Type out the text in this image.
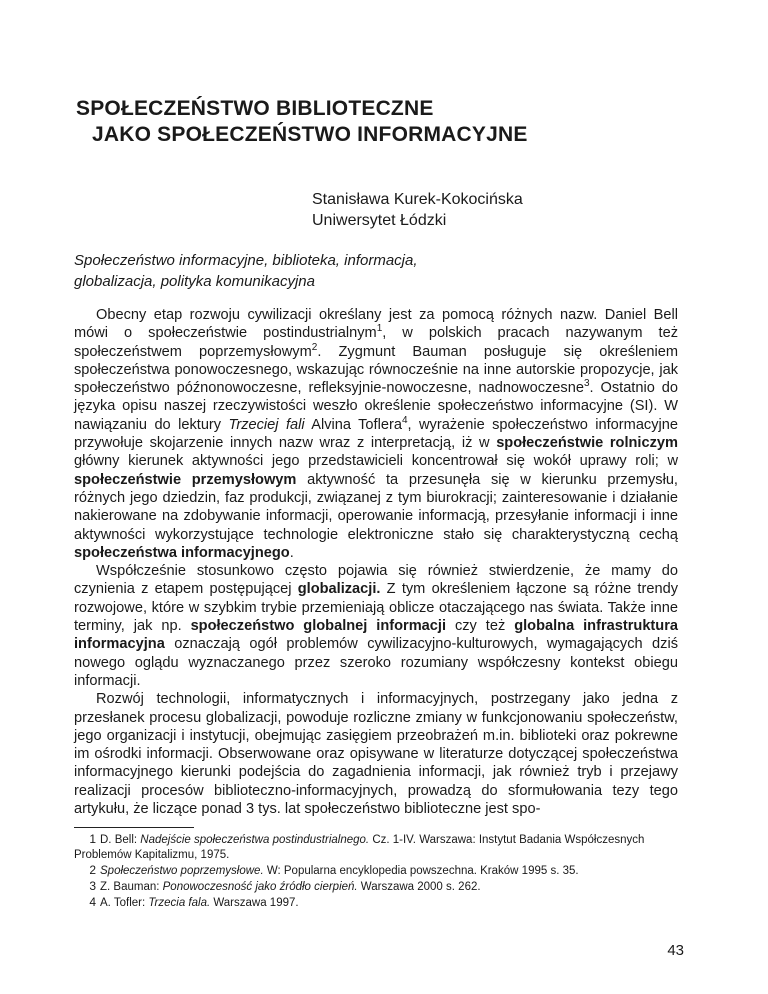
SPOŁECZEŃSTWO BIBLIOTECZNE
JAKO SPOŁECZEŃSTWO INFORMACYJNE
Stanisława Kurek-Kokocińska
Uniwersytet Łódzki
Społeczeństwo informacyjne, biblioteka, informacja, globalizacja, polityka komunikacyjna

Obecny etap rozwoju cywilizacji określany jest za pomocą różnych nazw. Daniel Bell mówi o społeczeństwie postindustrialnym$^1$, w polskich pracach nazywanym też społeczeństwem poprzemysłowym$^2$. Zygmunt Bauman posługuje się określeniem społeczeństwa ponowoczesnego, wskazując równocześnie na inne autorskie propozycje, jak społeczeństwo późnonowoczesne, refleksyjnie-nowoczesne, nadnowoczesne$^3$. Ostatnio do języka opisu naszej rzeczywistości weszło określenie społeczeństwo informacyjne (SI). W nawiązaniu do lektury Trzeciej fali Alvina Toflera$^4$, wyrażenie społeczeństwo informacyjne przywołuje skojarzenie innych nazw wraz z interpretacją, iż w społeczeństwie rolniczym główny kierunek aktywności jego przedstawicieli koncentrował się wokół uprawy roli; w społeczeństwie przemysłowym aktywność ta przesunęła się w kierunku przemysłu, różnych jego dziedzin, faz produkcji, związanej z tym biurokracji; zainteresowanie i działanie nakierowane na zdobywanie informacji, operowanie informacją, przesyłanie informacji i inne aktywności wykorzystujące technologie elektroniczne stało się charakterystyczną cechą społeczeństwa informacyjnego.

Współcześnie stosunkowo często pojawia się również stwierdzenie, że mamy do czynienia z etapem postępującej globalizacji. Z tym określeniem łączone są różne trendy rozwojowe, które w szybkim trybie przemieniają oblicze otaczającego nas świata. Także inne terminy, jak np. społeczeństwo globalnej informacji czy też globalna infrastruktura informacyjna oznaczają ogół problemów cywilizacyjno-kulturowych, wymagających dziś nowego oglądu wyznaczanego przez szeroko rozumiany współczesny kontekst obiegu informacji.

Rozwój technologii, informatycznych i informacyjnych, postrzegany jako jedna z przesłanek procesu globalizacji, powoduje rozliczne zmiany w funkcjonowaniu społeczeństw, jego organizacji i instytucji, obejmując zasięgiem przeobrażeń m.in. biblioteki oraz pokrewne im ośrodki informacji. Obserwowane oraz opisywane w literaturze dotyczącej społeczeństwa informacyjnego kierunki podejścia do zagadnienia informacji, jak również tryb i przejawy realizacji procesów biblioteczno-informacyjnych, prowadzą do sformułowania tezy tego artykułu, że liczące ponad 3 tys. lat społeczeństwo biblioteczne jest spo-

1 D. Bell: Nadejście społeczeństwa postindustrialnego. Cz. 1-IV. Warszawa: Instytut Badania Współczesnych Problemów Kapitalizmu, 1975.

2 Społeczeństwo poprzemysłowe. W: Popularna encyklopedia powszechna. Kraków 1995 s. 35.

3 Z. Bauman: Ponowoczesność jako źródło cierpień. Warszawa 2000 s. 262.

4 A. Tofler: Trzecia fala. Warszawa 1997.

43
